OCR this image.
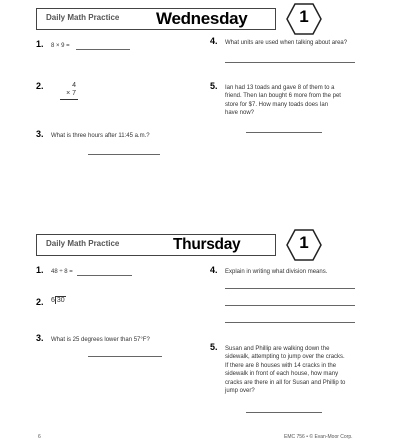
Daily Math Practice Wednesday	1
1. 8 × 9 =
2.	4
× 7
3. What is three hours after 11:45 a.m.?
4. What units are used when talking about area?
5. Ian had 13 toads and gave 8 of them to a
friend. Then Ian bought 6 more from the pet
store for $7. How many toads does Ian
have now?
Daily Math Practice	Thursday	1
1. 48 ÷ 8 =
2. 6 30
3. What is 25 degrees lower than 57°F?
4. Explain in writing what division means.
5. Susan and Phillip are walking down the
sidewalk, attempting to jump over the cracks.
If there are 8 houses with 14 cracks in the
sidewalk in front of each house, how many
cracks are there in all for Susan and Phillip to
jump over?
6	EMC 756 • © Evan-Moor Corp.
